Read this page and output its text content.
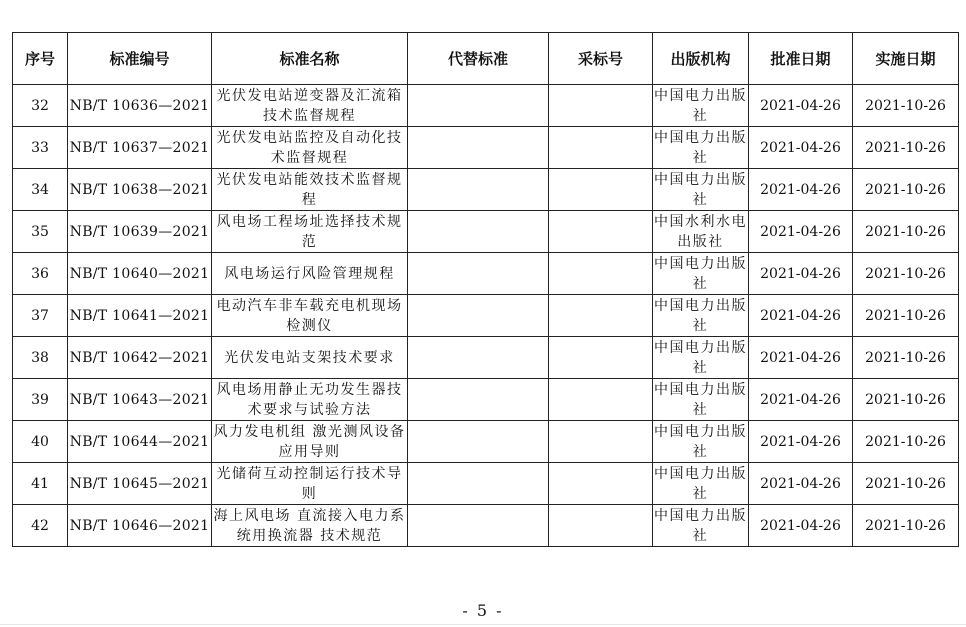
序号	标准编号	标准名称	代替标准	采标号	出版机构	批准日期	实施日期
32	NB/T 10636—2021	光伏发电站逆变器及汇流箱技术监督规程			中国电力出版社	2021-04-26	2021-10-26
33	NB/T 10637—2021	光伏发电站监控及自动化技术监督规程			中国电力出版社	2021-04-26	2021-10-26
34	NB/T 10638—2021	光伏发电站能效技术监督规程			中国电力出版社	2021-04-26	2021-10-26
35	NB/T 10639—2021	风电场工程场址选择技术规范			中国水利水电出版社	2021-04-26	2021-10-26
36	NB/T 10640—2021	风电场运行风险管理规程			中国电力出版社	2021-04-26	2021-10-26
37	NB/T 10641—2021	电动汽车非车载充电机现场检测仪			中国电力出版社	2021-04-26	2021-10-26
38	NB/T 10642—2021	光伏发电站支架技术要求			中国电力出版社	2021-04-26	2021-10-26
39	NB/T 10643—2021	风电场用静止无功发生器技术要求与试验方法			中国电力出版社	2021-04-26	2021-10-26
40	NB/T 10644—2021	风力发电机组 激光测风设备 应用导则			中国电力出版社	2021-04-26	2021-10-26
41	NB/T 10645—2021	光储荷互动控制运行技术导则			中国电力出版社	2021-04-26	2021-10-26
42	NB/T 10646—2021	海上风电场 直流接入电力系统用换流器 技术规范			中国电力出版社	2021-04-26	2021-10-26
- 5 -
